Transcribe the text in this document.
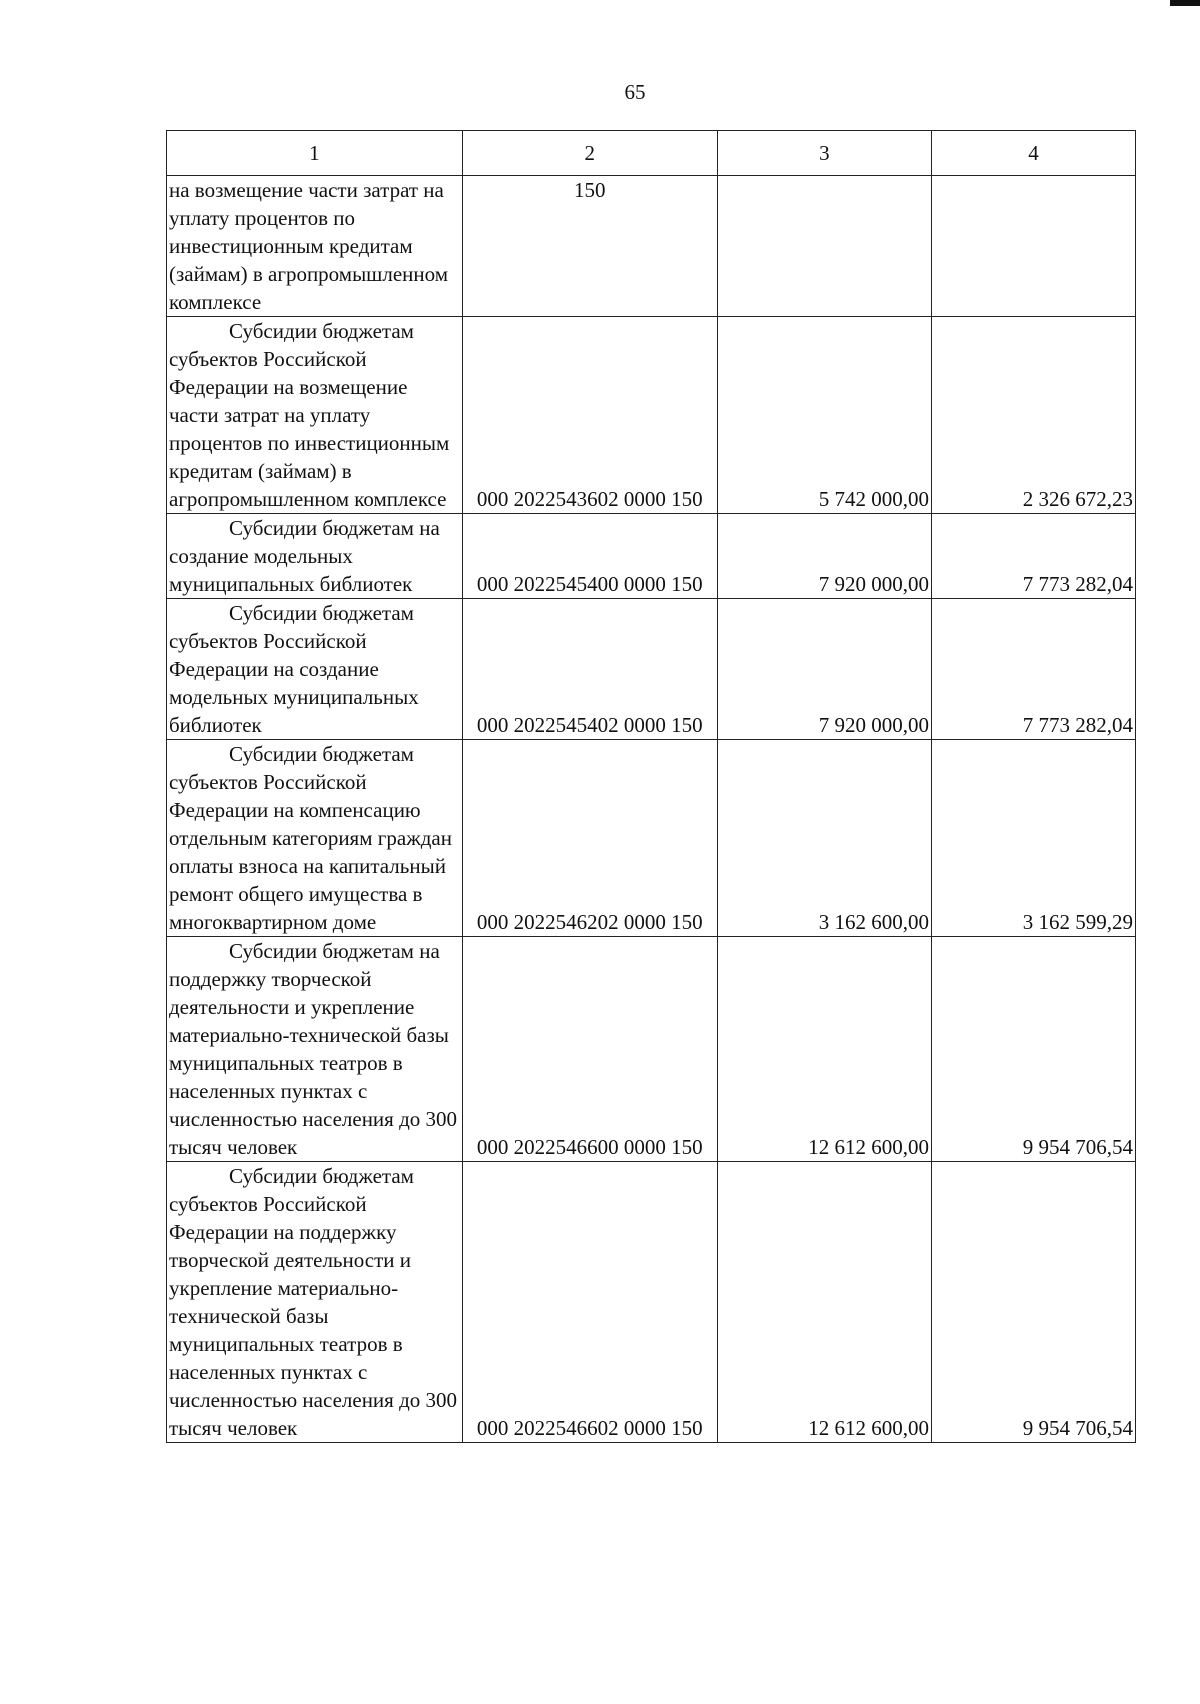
65
1	2	3	4
на возмещение части затрат на уплату процентов по инвестиционным кредитам (займам) в агропромышленном комплексе	150		
Субсидии бюджетам субъектов Российской Федерации на возмещение части затрат на уплату процентов по инвестиционным кредитам (займам) в агропромышленном комплексе	000 2022543602 0000 150	5 742 000,00	2 326 672,23
Субсидии бюджетам на создание модельных муниципальных библиотек	000 2022545400 0000 150	7 920 000,00	7 773 282,04
Субсидии бюджетам субъектов Российской Федерации на создание модельных муниципальных библиотек	000 2022545402 0000 150	7 920 000,00	7 773 282,04
Субсидии бюджетам субъектов Российской Федерации на компенсацию отдельным категориям граждан оплаты взноса на капитальный ремонт общего имущества в многоквартирном доме	000 2022546202 0000 150	3 162 600,00	3 162 599,29
Субсидии бюджетам на поддержку творческой деятельности и укрепление материально-технической базы муниципальных театров в населенных пунктах с численностью населения до 300 тысяч человек	000 2022546600 0000 150	12 612 600,00	9 954 706,54
Субсидии бюджетам субъектов Российской Федерации на поддержку творческой деятельности и укрепление материально-технической базы муниципальных театров в населенных пунктах с численностью населения до 300 тысяч человек	000 2022546602 0000 150	12 612 600,00	9 954 706,54
